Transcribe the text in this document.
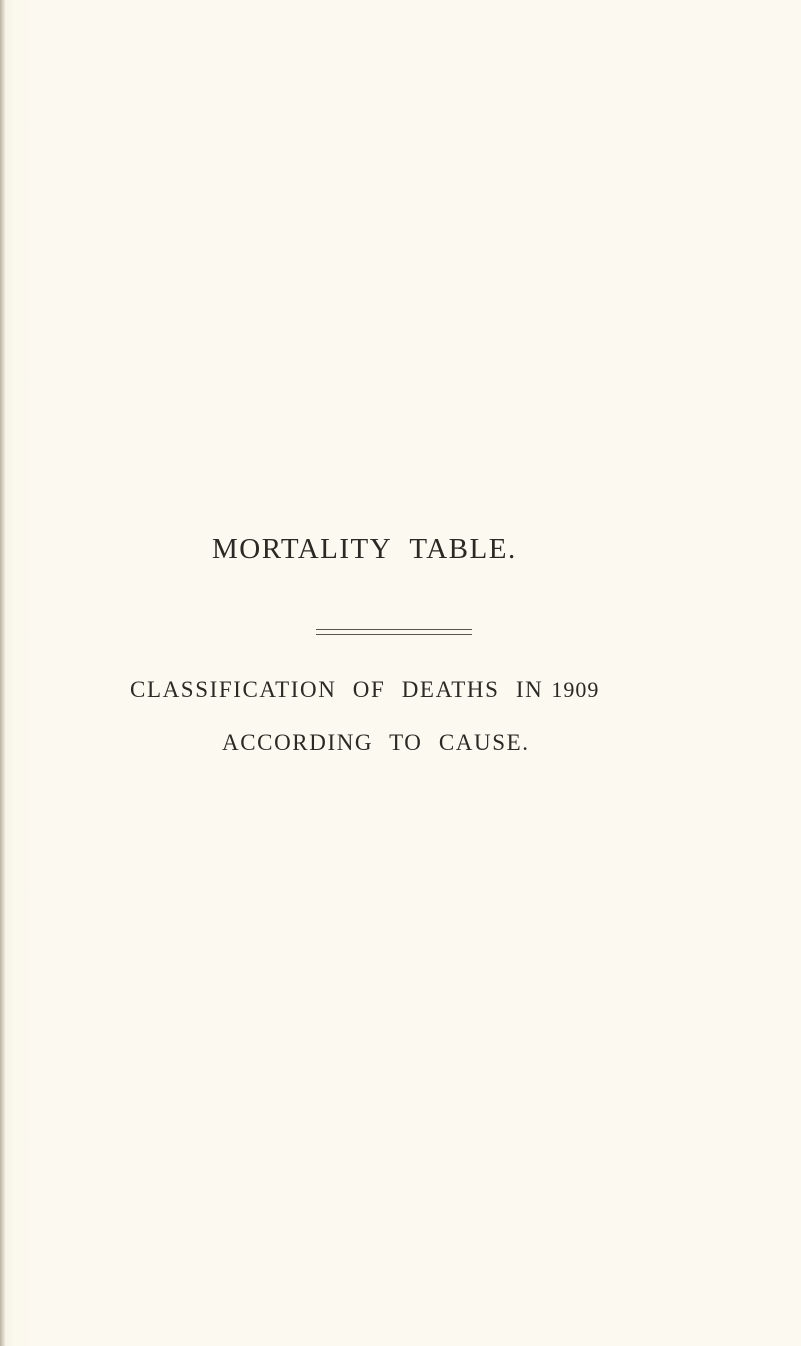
MORTALITY TABLE.
CLASSIFICATION OF DEATHS IN 1909
ACCORDING TO CAUSE.
